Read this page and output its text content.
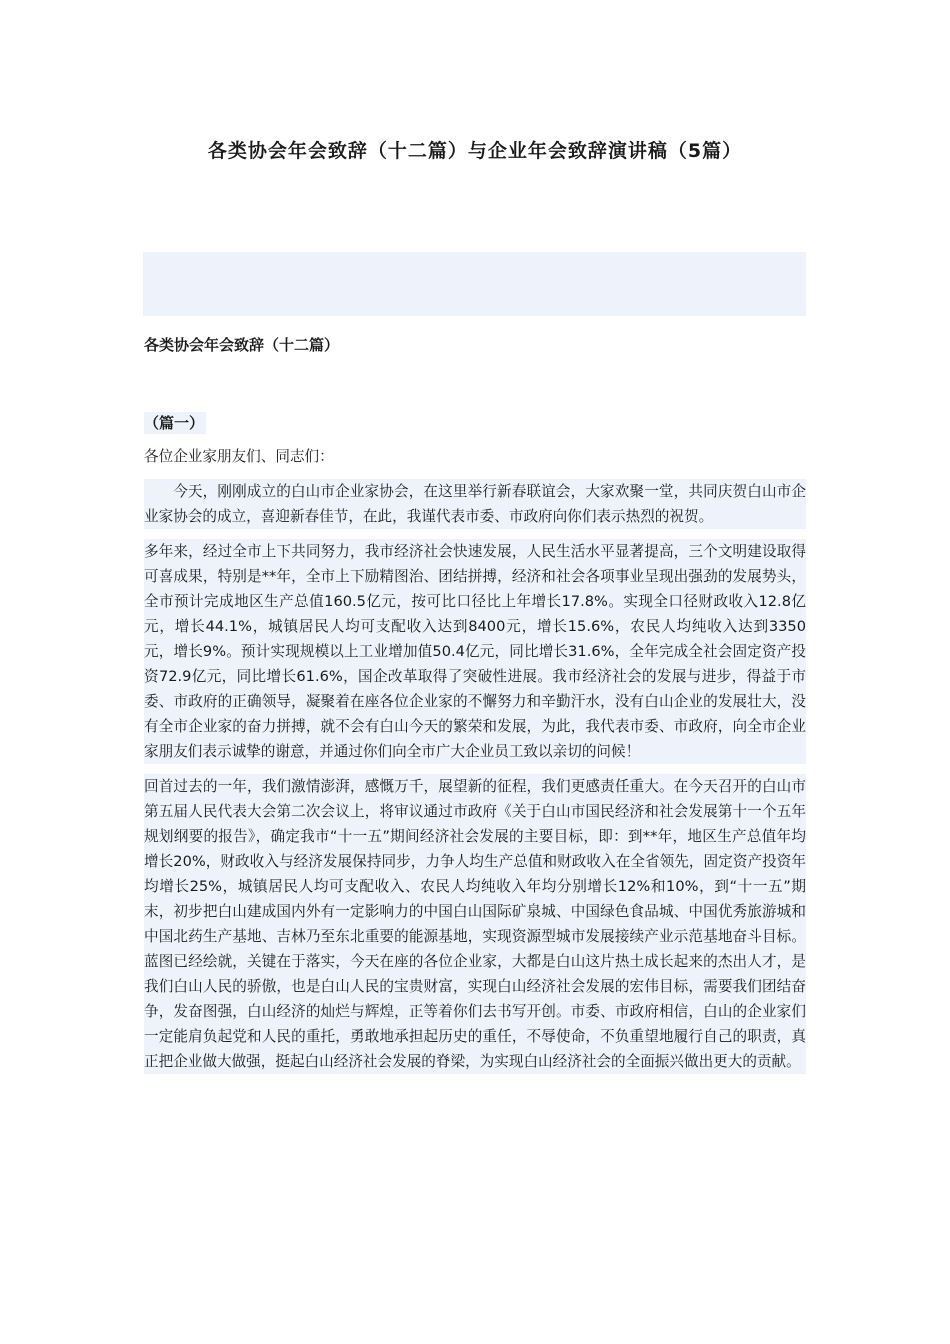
各类协会年会致辞（十二篇）与企业年会致辞演讲稿（5篇）
各类协会年会致辞（十二篇）
（篇一）

各位企业家朋友们、同志们：

今天，刚刚成立的白山市企业家协会，在这里举行新春联谊会，大家欢聚一堂，共同庆贺白山市企业家协会的成立，喜迎新春佳节，在此，我谨代表市委、市政府向你们表示热烈的祝贺。

多年来，经过全市上下共同努力，我市经济社会快速发展，人民生活水平显著提高，三个文明建设取得可喜成果，特别是**年，全市上下励精图治、团结拼搏，经济和社会各项事业呈现出强劲的发展势头，全市预计完成地区生产总值160.5亿元，按可比口径比上年增长17.8%。实现全口径财政收入12.8亿元，增长44.1%，城镇居民人均可支配收入达到8400元，增长15.6%，农民人均纯收入达到3350元，增长9%。预计实现规模以上工业增加值50.4亿元，同比增长31.6%，全年完成全社会固定资产投资72.9亿元，同比增长61.6%，国企改革取得了突破性进展。我市经济社会的发展与进步，得益于市委、市政府的正确领导，凝聚着在座各位企业家的不懈努力和辛勤汗水，没有白山企业的发展壮大，没有全市企业家的奋力拼搏，就不会有白山今天的繁荣和发展，为此，我代表市委、市政府，向全市企业家朋友们表示诚挚的谢意，并通过你们向全市广大企业员工致以亲切的问候！

回首过去的一年，我们激情澎湃，感慨万千，展望新的征程，我们更感责任重大。在今天召开的白山市第五届人民代表大会第二次会议上，将审议通过市政府《关于白山市国民经济和社会发展第十一个五年规划纲要的报告》，确定我市“十一五”期间经济社会发展的主要目标，即：到**年，地区生产总值年均增长20%，财政收入与经济发展保持同步，力争人均生产总值和财政收入在全省领先，固定资产投资年均增长25%，城镇居民人均可支配收入、农民人均纯收入年均分别增长12%和10%，到“十一五”期末，初步把白山建成国内外有一定影响力的中国白山国际矿泉城、中国绿色食品城、中国优秀旅游城和中国北药生产基地、吉林乃至东北重要的能源基地，实现资源型城市发展接续产业示范基地奋斗目标。蓝图已经绘就，关键在于落实，今天在座的各位企业家，大都是白山这片热土成长起来的杰出人才，是我们白山人民的骄傲，也是白山人民的宝贵财富，实现白山经济社会发展的宏伟目标，需要我们团结奋争，发奋图强，白山经济的灿烂与辉煌，正等着你们去书写开创。市委、市政府相信，白山的企业家们一定能肩负起党和人民的重托，勇敢地承担起历史的重任，不辱使命，不负重望地履行自己的职责，真正把企业做大做强，挺起白山经济社会发展的脊梁，为实现白山经济社会的全面振兴做出更大的贡献。
